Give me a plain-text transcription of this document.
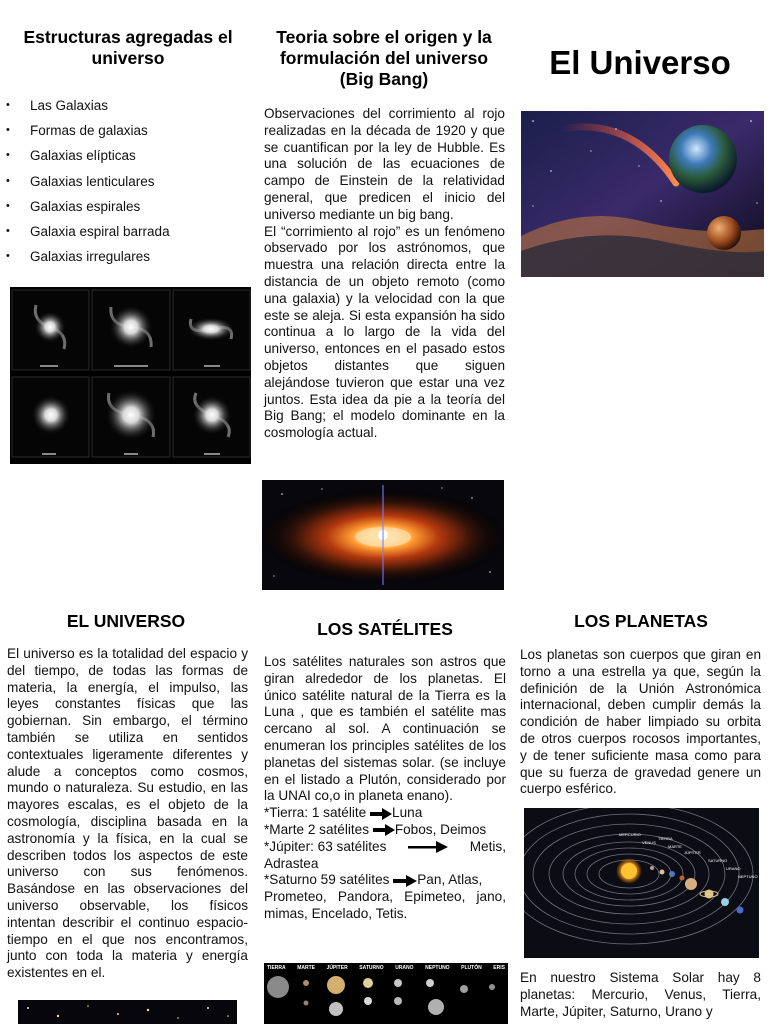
Estructuras agregadas el universo
• Las Galaxias
• Formas de galaxias
• Galaxias elípticas
• Galaxias lenticulares
• Galaxias espirales
• Galaxia espiral barrada
• Galaxias irregulares
Teoria sobre el origen y la formulación del universo (Big Bang)

Observaciones del corrimiento al rojo realizadas en la década de 1920 y que se cuantifican por la ley de Hubble. Es una solución de las ecuaciones de campo de Einstein de la relatividad general, que predicen el inicio del universo mediante un big bang.

El “corrimiento al rojo” es un fenómeno observado por los astrónomos, que muestra una relación directa entre la distancia de un objeto remoto (como una galaxia) y la velocidad con la que este se aleja. Si esta expansión ha sido continua a lo largo de la vida del universo, entonces en el pasado estos objetos distantes que siguen alejándose tuvieron que estar una vez juntos. Esta idea da pie a la teoría del Big Bang; el modelo dominante en la cosmología actual.

El Universo
EL UNIVERSO

El universo es la totalidad del espacio y del tiempo, de todas las formas de materia, la energía, el impulso, las leyes constantes físicas que las gobiernan. Sin embargo, el término también se utiliza en sentidos contextuales ligeramente diferentes y alude a conceptos como cosmos, mundo o naturaleza. Su estudio, en las mayores escalas, es el objeto de la cosmología, disciplina basada en la astronomía y la física, en la cual se describen todos los aspectos de este universo con sus fenómenos. Basándose en las observaciones del universo observable, los físicos intentan describir el continuo espacio-tiempo en el que nos encontramos, junto con toda la materia y energía existentes en el.

LOS SATÉLITES

Los satélites naturales son astros que giran alrededor de los planetas. El único satélite natural de la Tierra es la Luna , que es también el satélite mas cercano al sol. A continuación se enumeran los principles satélites de los planetas del sistemas solar. (se incluye en el listado a Plutón, considerado por la UNAI co,o in planeta enano).

*Tierra: 1 satélite Luna

*Marte 2 satélites Fobos, Deimos

*Júpiter: 63 satélites	Metis,

Adrastea

*Saturno 59 satélites Pan, Atlas,

Prometeo, Pandora, Epimeteo, jano, mimas, Encelado, Tetis.

TIERRA MARTE JÚPITER SATURNO URANO NEPTUNO PLUTÓN ERIS
LOS PLANETAS

Los planetas son cuerpos que giran en torno a una estrella ya que, según la definición de la Unión Astronómica internacional, deben cumplir demás la condición de haber limpiado su orbita de otros cuerpos rocosos importantes, y de tener suficiente masa como para que su fuerza de gravedad genere un cuerpo esférico.

MERCURIO
VENUS
TIERRA
MARTE
JÚPITER
SATURNO
URANO
NEPTUNO

En nuestro Sistema Solar hay 8 planetas: Mercurio, Venus, Tierra, Marte, Júpiter, Saturno, Urano y
